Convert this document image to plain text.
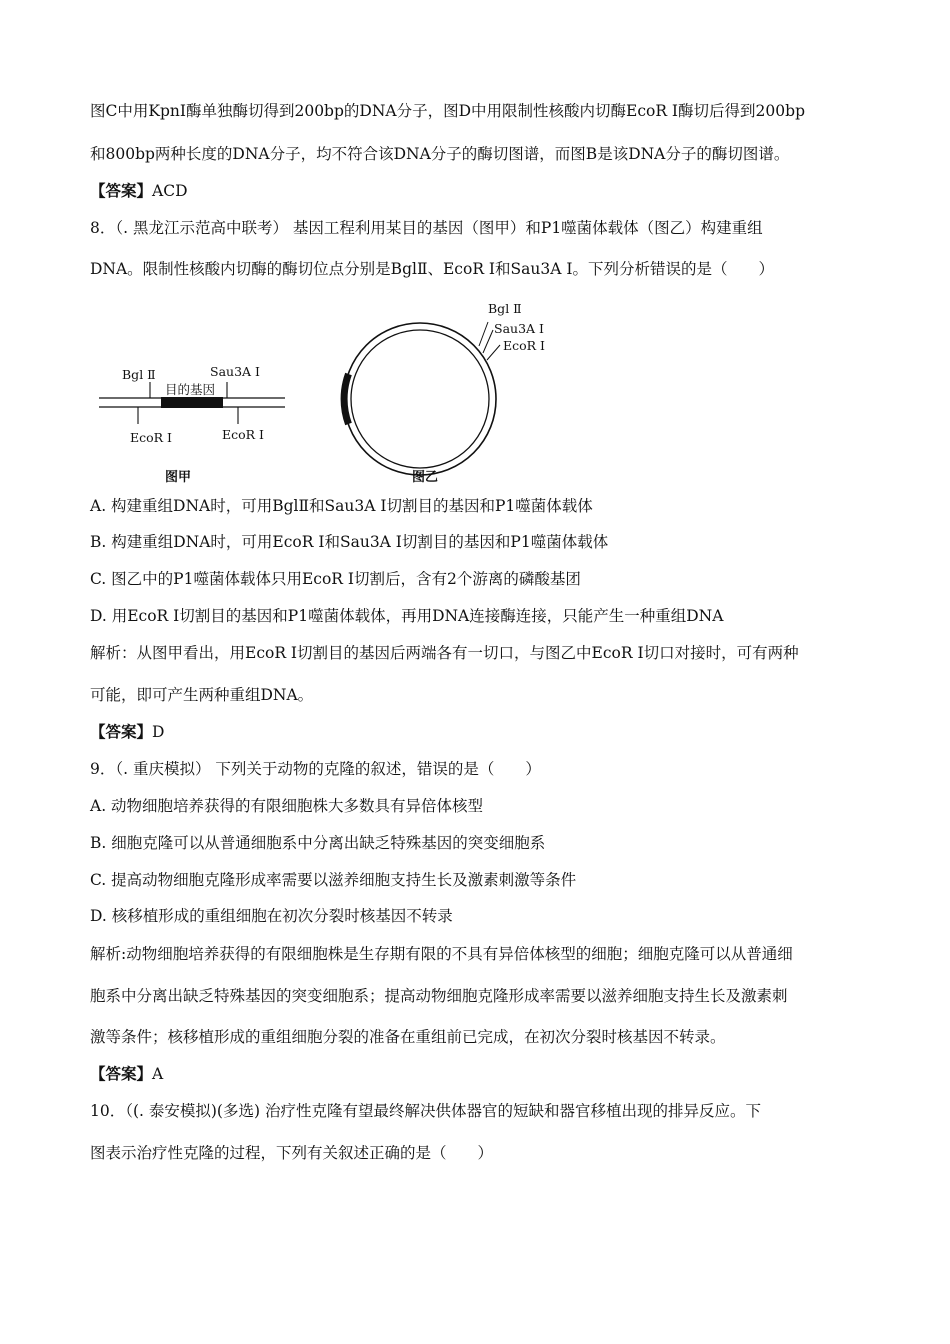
图C中用KpnI酶单独酶切得到200bp的DNA分子，图D中用限制性核酸内切酶EcoR I酶切后得到200bp
和800bp两种长度的DNA分子，均不符合该DNA分子的酶切图谱，而图B是该DNA分子的酶切图谱。
【答案】ACD
8．（. 黑龙江示范高中联考） 基因工程利用某目的基因（图甲）和P1噬菌体载体（图乙）构建重组
DNA。限制性核酸内切酶的酶切位点分别是BglⅡ、EcoR I和Sau3A I。下列分析错误的是（　　）
Bgl Ⅱ	Sau3A Ⅰ
目的基因
EcoR Ⅰ	EcoR Ⅰ
图甲
Bgl Ⅱ
Sau3A Ⅰ
EcoR Ⅰ
图乙
A. 构建重组DNA时，可用BglⅡ和Sau3A I切割目的基因和P1噬菌体载体
B. 构建重组DNA时，可用EcoR I和Sau3A I切割目的基因和P1噬菌体载体
C. 图乙中的P1噬菌体载体只用EcoR I切割后，含有2个游离的磷酸基团
D. 用EcoR I切割目的基因和P1噬菌体载体，再用DNA连接酶连接，只能产生一种重组DNA
解析：从图甲看出，用EcoR I切割目的基因后两端各有一切口，与图乙中EcoR I切口对接时，可有两种
可能，即可产生两种重组DNA。
【答案】D
9．（. 重庆模拟） 下列关于动物的克隆的叙述，错误的是（　　）
A. 动物细胞培养获得的有限细胞株大多数具有异倍体核型
B. 细胞克隆可以从普通细胞系中分离出缺乏特殊基因的突变细胞系
C. 提高动物细胞克隆形成率需要以滋养细胞支持生长及激素刺激等条件
D. 核移植形成的重组细胞在初次分裂时核基因不转录
解析:动物细胞培养获得的有限细胞株是生存期有限的不具有异倍体核型的细胞；细胞克隆可以从普通细
胞系中分离出缺乏特殊基因的突变细胞系；提高动物细胞克隆形成率需要以滋养细胞支持生长及激素刺
激等条件；核移植形成的重组细胞分裂的准备在重组前已完成，在初次分裂时核基因不转录。
【答案】A
10．（(. 泰安模拟)(多选) 治疗性克隆有望最终解决供体器官的短缺和器官移植出现的排异反应。下
图表示治疗性克隆的过程，下列有关叙述正确的是（　　）
